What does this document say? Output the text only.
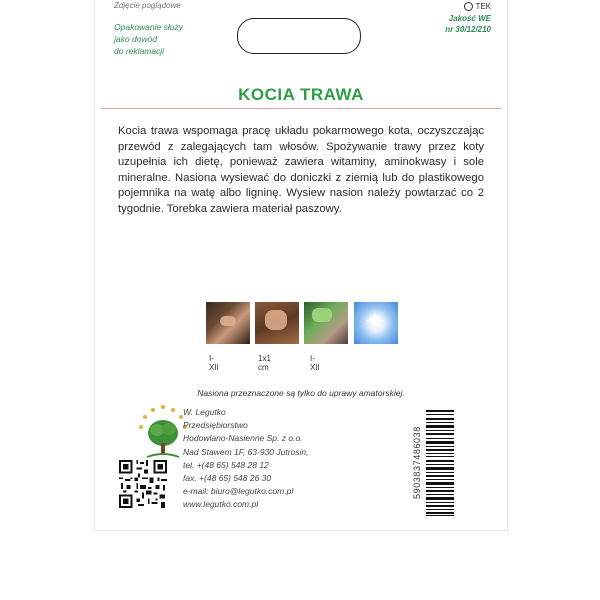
Zdjęcie poglądowe
Opakowanie służy
jako dowód
do reklamacji
TEK
Jakość WE
nr 30/12/210
KOCIA TRAWA
Kocia trawa wspomaga pracę układu pokarmowego kota, oczyszczając przewód z zalegających tam włosów. Spożywanie trawy przez koty uzupełnia ich dietę, ponieważ zawiera witaminy, aminokwasy i sole mineralne. Nasiona wysiewać do doniczki z ziemią lub do plastikowego pojemnika na watę albo ligninę. Wysiew nasion należy powtarzać co 2 tygodnie. Torebka zawiera materiał paszowy.
✦
I-XII
1x1 cm
I-XII
Nasiona przeznaczone są tylko do uprawy amatorskiej.
W. Legutko
Przedsiębiorstwo
Hodowlano-Nasienne Sp. z o.o.
Nad Stawem 1F, 63-930 Jutrosin,
tel. +(48 65) 548 28 12
fax. +(48 65) 548 26 30
e-mail: biuro@legutko.com.pl
www.legutko.com.pl
5903837486038
